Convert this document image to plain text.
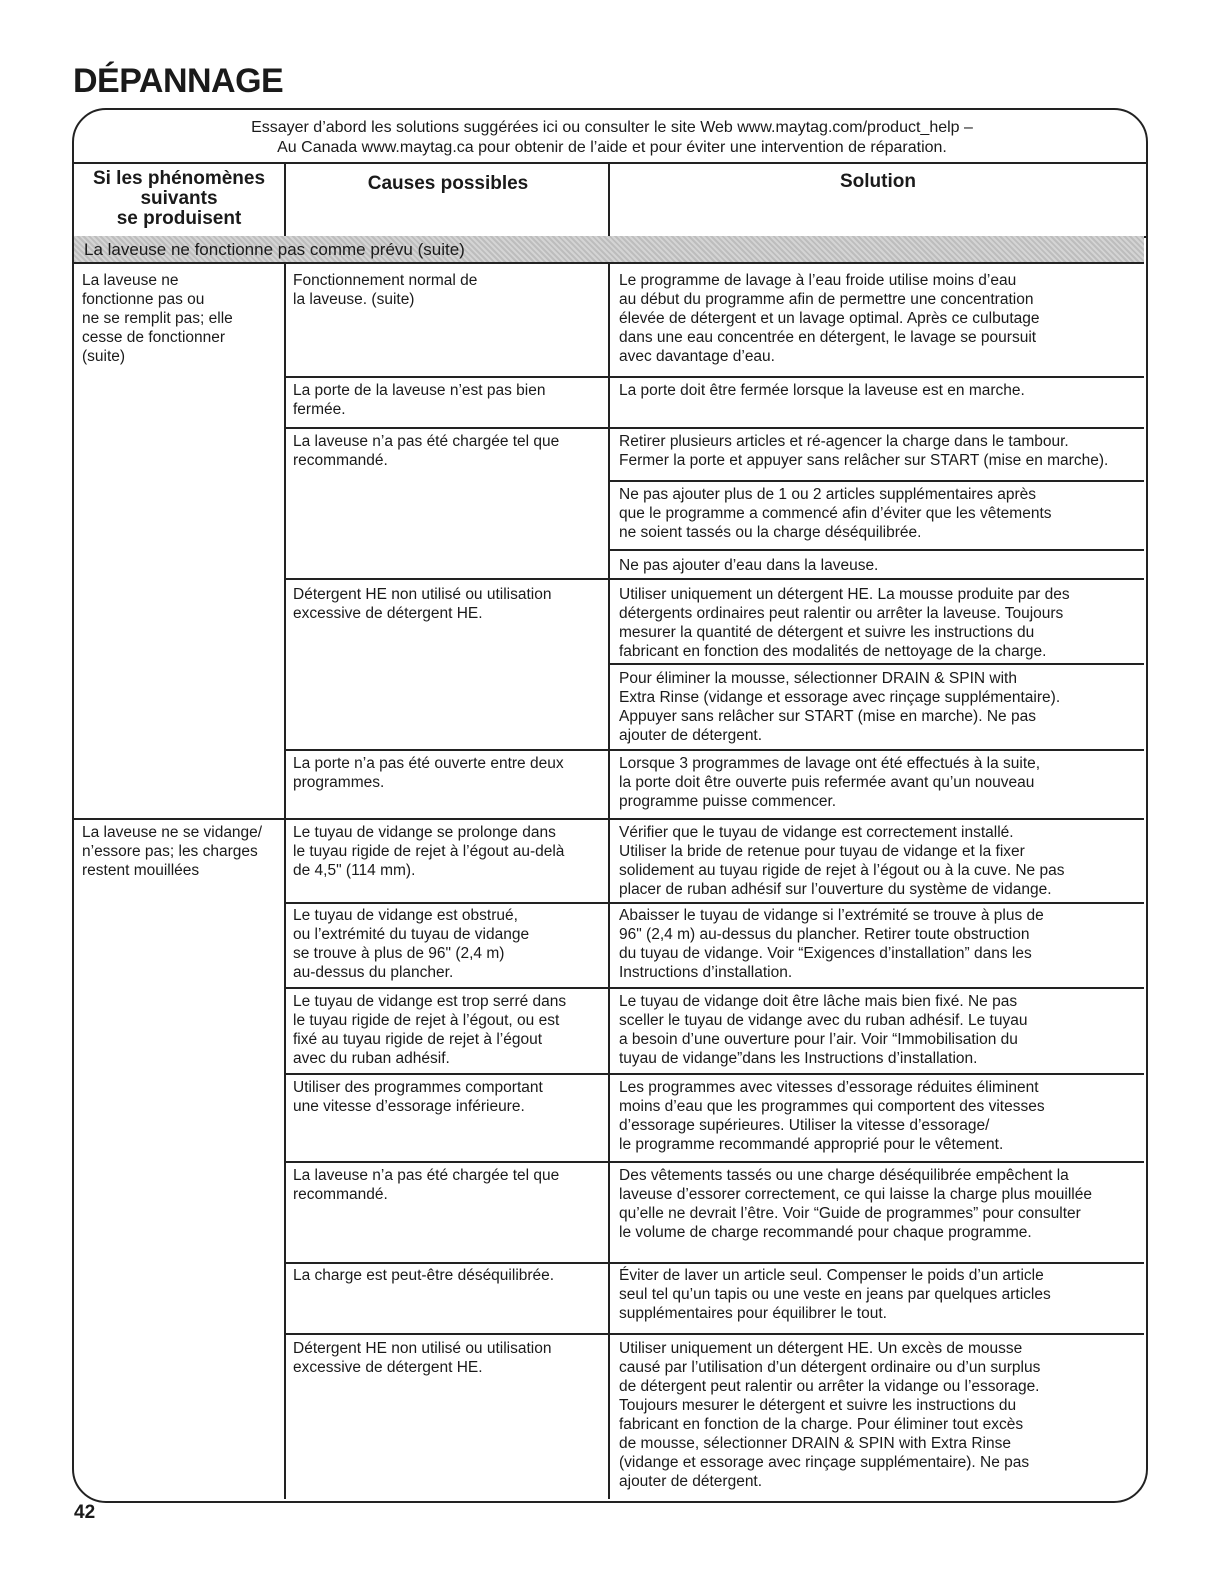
DÉPANNAGE
Essayer d’abord les solutions suggérées ici ou consulter le site Web www.maytag.com/product_help –
Au Canada www.maytag.ca pour obtenir de l’aide et pour éviter une intervention de réparation.
Si les phénomènes
suivants
se produisent
Causes possibles	Solution
La laveuse ne fonctionne pas comme prévu (suite)
La laveuse ne
fonctionne pas ou
ne se remplit pas; elle
cesse de fonctionner
(suite)
La laveuse ne se vidange/
n’essore pas; les charges
restent mouillées
Fonctionnement normal de
la laveuse. (suite)
Le programme de lavage à l’eau froide utilise moins d’eau
au début du programme afin de permettre une concentration
élevée de détergent et un lavage optimal. Après ce culbutage
dans une eau concentrée en détergent, le lavage se poursuit
avec davantage d’eau.
La porte de la laveuse n’est pas bien
fermée.
La porte doit être fermée lorsque la laveuse est en marche.
La laveuse n’a pas été chargée tel que
recommandé.
Retirer plusieurs articles et ré-agencer la charge dans le tambour.
Fermer la porte et appuyer sans relâcher sur START (mise en marche).
Ne pas ajouter plus de 1 ou 2 articles supplémentaires après
que le programme a commencé afin d’éviter que les vêtements
ne soient tassés ou la charge déséquilibrée.
Ne pas ajouter d’eau dans la laveuse.
Détergent HE non utilisé ou utilisation
excessive de détergent HE.
Utiliser uniquement un détergent HE. La mousse produite par des
détergents ordinaires peut ralentir ou arrêter la laveuse. Toujours
mesurer la quantité de détergent et suivre les instructions du
fabricant en fonction des modalités de nettoyage de la charge.
Pour éliminer la mousse, sélectionner DRAIN & SPIN with
Extra Rinse (vidange et essorage avec rinçage supplémentaire).
Appuyer sans relâcher sur START (mise en marche). Ne pas
ajouter de détergent.
La porte n’a pas été ouverte entre deux
programmes.
Lorsque 3 programmes de lavage ont été effectués à la suite,
la porte doit être ouverte puis refermée avant qu’un nouveau
programme puisse commencer.
Le tuyau de vidange se prolonge dans
le tuyau rigide de rejet à l’égout au-delà
de 4,5" (114 mm).
Vérifier que le tuyau de vidange est correctement installé.
Utiliser la bride de retenue pour tuyau de vidange et la fixer
solidement au tuyau rigide de rejet à l’égout ou à la cuve. Ne pas
placer de ruban adhésif sur l’ouverture du système de vidange.
Le tuyau de vidange est obstrué,
ou l’extrémité du tuyau de vidange
se trouve à plus de 96" (2,4 m)
au-dessus du plancher.
Abaisser le tuyau de vidange si l’extrémité se trouve à plus de
96" (2,4 m) au-dessus du plancher. Retirer toute obstruction
du tuyau de vidange. Voir “Exigences d’installation” dans les
Instructions d’installation.
Le tuyau de vidange est trop serré dans
le tuyau rigide de rejet à l’égout, ou est
fixé au tuyau rigide de rejet à l’égout
avec du ruban adhésif.
Le tuyau de vidange doit être lâche mais bien fixé. Ne pas
sceller le tuyau de vidange avec du ruban adhésif. Le tuyau
a besoin d’une ouverture pour l’air. Voir “Immobilisation du
tuyau de vidange”dans les Instructions d’installation.
Utiliser des programmes comportant
une vitesse d’essorage inférieure.
Les programmes avec vitesses d’essorage réduites éliminent
moins d’eau que les programmes qui comportent des vitesses
d’essorage supérieures. Utiliser la vitesse d’essorage/
le programme recommandé approprié pour le vêtement.
La laveuse n’a pas été chargée tel que
recommandé.
Des vêtements tassés ou une charge déséquilibrée empêchent la
laveuse d’essorer correctement, ce qui laisse la charge plus mouillée
qu’elle ne devrait l’être. Voir “Guide de programmes” pour consulter
le volume de charge recommandé pour chaque programme.
La charge est peut-être déséquilibrée.	Éviter de laver un article seul. Compenser le poids d’un article
seul tel qu’un tapis ou une veste en jeans par quelques articles
supplémentaires pour équilibrer le tout.
Détergent HE non utilisé ou utilisation
excessive de détergent HE.
Utiliser uniquement un détergent HE. Un excès de mousse
causé par l’utilisation d’un détergent ordinaire ou d’un surplus
de détergent peut ralentir ou arrêter la vidange ou l’essorage.
Toujours mesurer le détergent et suivre les instructions du
fabricant en fonction de la charge. Pour éliminer tout excès
de mousse, sélectionner DRAIN & SPIN with Extra Rinse
(vidange et essorage avec rinçage supplémentaire). Ne pas
ajouter de détergent.
42
